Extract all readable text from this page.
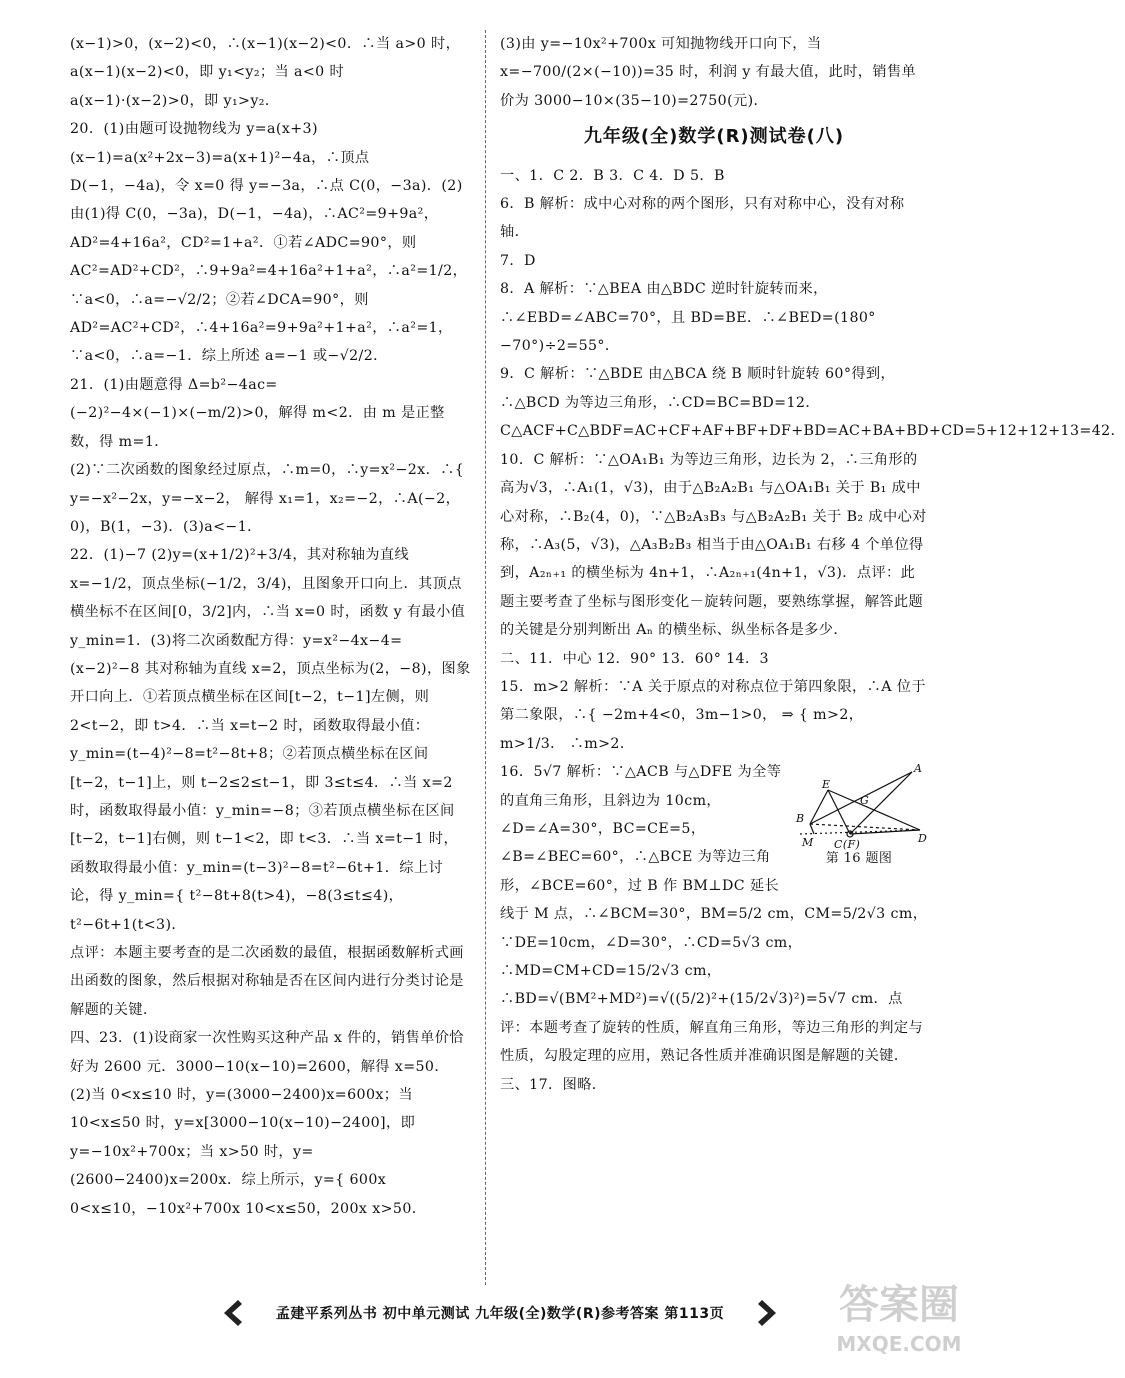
(x−1)>0，(x−2)<0，∴(x−1)(x−2)<0．∴当 a>0 时，a(x−1)(x−2)<0，即 y₁<y₂；当 a<0 时 a(x−1)·(x−2)>0，即 y₁>y₂．

20．(1)由题可设抛物线为 y=a(x+3)(x−1)=a(x²+2x−3)=a(x+1)²−4a，∴顶点 D(−1，−4a)，令 x=0 得 y=−3a，∴点 C(0，−3a)．(2)由(1)得 C(0，−3a)，D(−1，−4a)，∴AC²=9+9a²，AD²=4+16a²，CD²=1+a²．①若∠ADC=90°，则 AC²=AD²+CD²，∴9+9a²=4+16a²+1+a²，∴a²=1/2，∵a<0，∴a=−√2/2；②若∠DCA=90°，则 AD²=AC²+CD²，∴4+16a²=9+9a²+1+a²，∴a²=1，∵a<0，∴a=−1．综上所述 a=−1 或−√2/2．

21．(1)由题意得 Δ=b²−4ac=(−2)²−4×(−1)×(−m/2)>0，解得 m<2．由 m 是正整数，得 m=1．

(2)∵二次函数的图象经过原点，∴m=0，∴y=x²−2x．∴{ y=−x²−2x，y=−x−2， 解得 x₁=1，x₂=−2，∴A(−2，0)，B(1，−3)．(3)a<−1．

22．(1)−7 (2)y=(x+1/2)²+3/4，其对称轴为直线 x=−1/2，顶点坐标(−1/2，3/4)，且图象开口向上．其顶点横坐标不在区间[0，3/2]内，∴当 x=0 时，函数 y 有最小值 y_min=1．(3)将二次函数配方得：y=x²−4x−4=(x−2)²−8 其对称轴为直线 x=2，顶点坐标为(2，−8)，图象开口向上．①若顶点横坐标在区间[t−2，t−1]左侧，则 2<t−2，即 t>4．∴当 x=t−2 时，函数取得最小值：y_min=(t−4)²−8=t²−8t+8；②若顶点横坐标在区间[t−2，t−1]上，则 t−2≤2≤t−1，即 3≤t≤4．∴当 x=2 时，函数取得最小值：y_min=−8；③若顶点横坐标在区间[t−2，t−1]右侧，则 t−1<2，即 t<3．∴当 x=t−1 时，函数取得最小值：y_min=(t−3)²−8=t²−6t+1．综上讨论，得 y_min={ t²−8t+8(t>4)，−8(3≤t≤4)，t²−6t+1(t<3)．

点评：本题主要考查的是二次函数的最值，根据函数解析式画出函数的图象，然后根据对称轴是否在区间内进行分类讨论是解题的关键．

四、23．(1)设商家一次性购买这种产品 x 件的，销售单价恰好为 2600 元．3000−10(x−10)=2600，解得 x=50．

(2)当 0<x≤10 时，y=(3000−2400)x=600x；当 10<x≤50 时，y=x[3000−10(x−10)−2400]，即 y=−10x²+700x；当 x>50 时，y=(2600−2400)x=200x．综上所示，y={ 600x 0<x≤10，−10x²+700x 10<x≤50，200x x>50．

(3)由 y=−10x²+700x 可知抛物线开口向下，当 x=−700/(2×(−10))=35 时，利润 y 有最大值，此时，销售单价为 3000−10×(35−10)=2750(元)．

九年级(全)数学(R)测试卷(八)

一、1．C 2．B 3．C 4．D 5．B

6．B 解析：成中心对称的两个图形，只有对称中心，没有对称轴．

7．D

8．A 解析：∵△BEA 由△BDC 逆时针旋转而来，∴∠EBD=∠ABC=70°，且 BD=BE．∴∠BED=(180°−70°)÷2=55°．

9．C 解析：∵△BDE 由△BCA 绕 B 顺时针旋转 60°得到，∴△BCD 为等边三角形，∴CD=BC=BD=12．C△ACF+C△BDF=AC+CF+AF+BF+DF+BD=AC+BA+BD+CD=5+12+12+13=42．

10．C 解析：∵△OA₁B₁ 为等边三角形，边长为 2，∴三角形的高为√3，∴A₁(1，√3)，由于△B₂A₂B₁ 与△OA₁B₁ 关于 B₁ 成中心对称，∴B₂(4，0)，∵△B₂A₃B₃ 与△B₂A₂B₁ 关于 B₂ 成中心对称，∴A₃(5，√3)，△A₃B₂B₃ 相当于由△OA₁B₁ 右移 4 个单位得到，A₂ₙ₊₁ 的横坐标为 4n+1，∴A₂ₙ₊₁(4n+1，√3)．点评：此题主要考查了坐标与图形变化－旋转问题，要熟练掌握，解答此题的关键是分别判断出 Aₙ 的横坐标、纵坐标各是多少．

二、11．中心 12．90° 13．60° 14．3

15．m>2 解析：∵A 关于原点的对称点位于第四象限，∴A 位于第二象限，∴{ −2m+4<0，3m−1>0， ⇒ { m>2，m>1/3． ∴m>2．

A
E
G
B
M C(F)	D
第 16 题图

16．5√7 解析：∵△ACB 与△DFE 为全等的直角三角形，且斜边为 10cm，∠D=∠A=30°，BC=CE=5，∠B=∠BEC=60°，∴△BCE 为等边三角形，∠BCE=60°，过 B 作 BM⊥DC 延长线于 M 点，∴∠BCM=30°，BM=5/2 cm，CM=5/2√3 cm，∵DE=10cm，∠D=30°，∴CD=5√3 cm，∴MD=CM+CD=15/2√3 cm，∴BD=√(BM²+MD²)=√((5/2)²+(15/2√3)²)=5√7 cm．点评：本题考查了旋转的性质，解直角三角形，等边三角形的判定与性质，勾股定理的应用，熟记各性质并准确识图是解题的关键．

三、17．图略．

孟建平系列丛书 初中单元测试 九年级(全)数学(R)参考答案 第113页	答案圈
MXQE.COM
